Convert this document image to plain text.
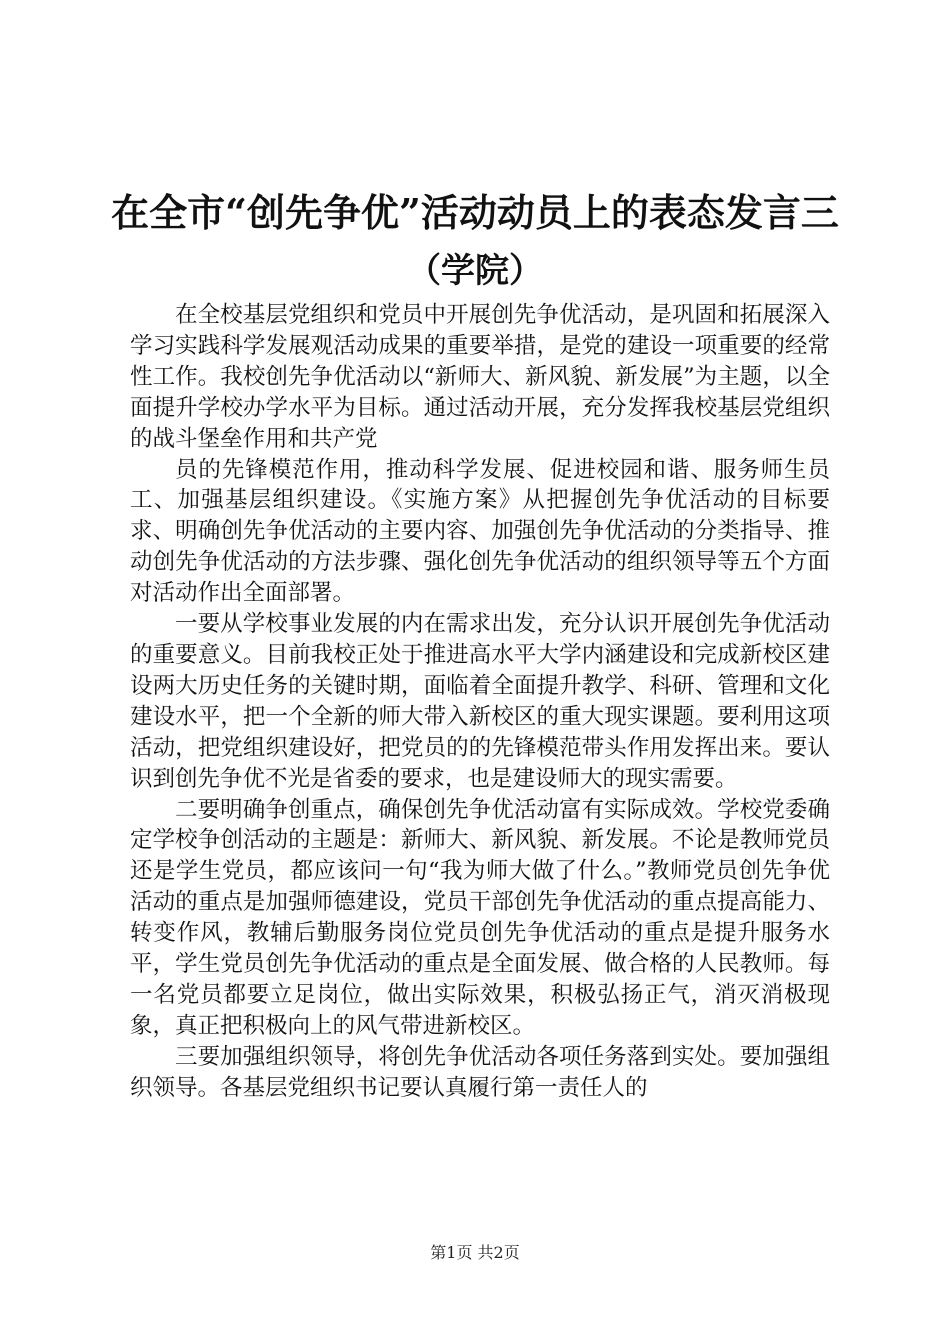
在全市“创先争优”活动动员上的表态发言三
（学院）

在全校基层党组织和党员中开展创先争优活动，是巩固和拓展深入学习实践科学发展观活动成果的重要举措，是党的建设一项重要的经常性工作。我校创先争优活动以“新师大、新风貌、新发展”为主题，以全面提升学校办学水平为目标。通过活动开展，充分发挥我校基层党组织的战斗堡垒作用和共产党

员的先锋模范作用，推动科学发展、促进校园和谐、服务师生员工、加强基层组织建设。《实施方案》从把握创先争优活动的目标要求、明确创先争优活动的主要内容、加强创先争优活动的分类指导、推动创先争优活动的方法步骤、强化创先争优活动的组织领导等五个方面对活动作出全面部署。

一要从学校事业发展的内在需求出发，充分认识开展创先争优活动的重要意义。目前我校正处于推进高水平大学内涵建设和完成新校区建设两大历史任务的关键时期，面临着全面提升教学、科研、管理和文化建设水平，把一个全新的师大带入新校区的重大现实课题。要利用这项活动，把党组织建设好，把党员的的先锋模范带头作用发挥出来。要认识到创先争优不光是省委的要求，也是建设师大的现实需要。

二要明确争创重点，确保创先争优活动富有实际成效。学校党委确定学校争创活动的主题是：新师大、新风貌、新发展。不论是教师党员还是学生党员，都应该问一句“我为师大做了什么。”教师党员创先争优活动的重点是加强师德建设，党员干部创先争优活动的重点提高能力、转变作风，教辅后勤服务岗位党员创先争优活动的重点是提升服务水平，学生党员创先争优活动的重点是全面发展、做合格的人民教师。每一名党员都要立足岗位，做出实际效果，积极弘扬正气，消灭消极现象，真正把积极向上的风气带进新校区。

三要加强组织领导，将创先争优活动各项任务落到实处。要加强组织领导。各基层党组织书记要认真履行第一责任人的

第1页 共2页
